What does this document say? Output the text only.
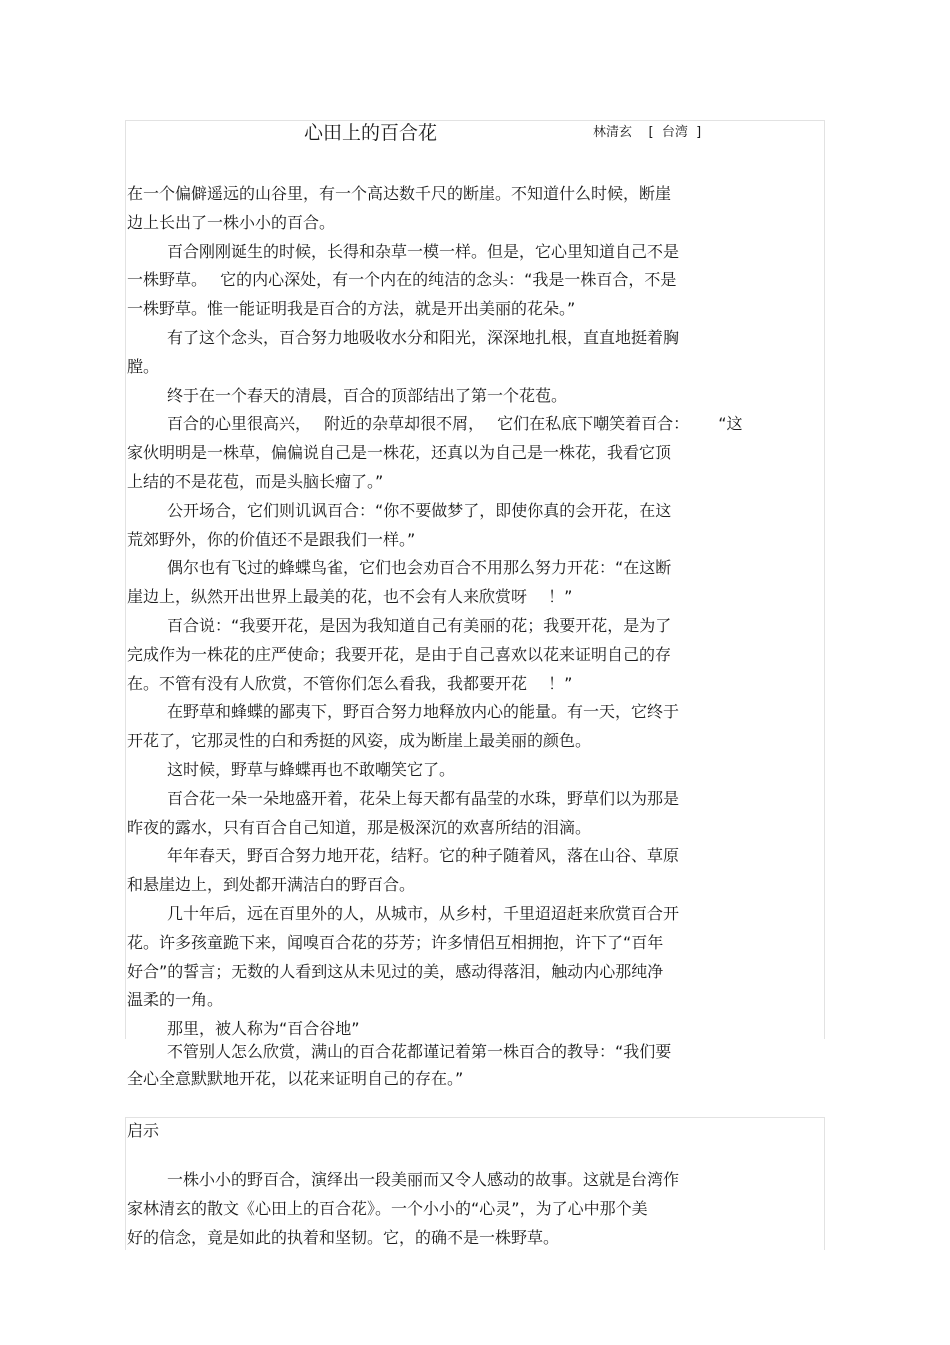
心田上的百合花	林清玄    [  台湾  ]

在一个偏僻遥远的山谷里，有一个高达数千尺的断崖。不知道什么时候，断崖

边上长出了一株小小的百合。

百合刚刚诞生的时候，长得和杂草一模一样。但是，它心里知道自己不是

一株野草。　 它的内心深处，有一个内在的纯洁的念头：“我是一株百合，不是

一株野草。惟一能证明我是百合的方法，就是开出美丽的花朵。”

有了这个念头，百合努力地吸收水分和阳光，深深地扎根，直直地挺着胸

膛。

终于在一个春天的清晨，百合的顶部结出了第一个花苞。

百合的心里很高兴，　 附近的杂草却很不屑，　 它们在私底下嘲笑着百合：　　 “这

家伙明明是一株草，偏偏说自己是一株花，还真以为自己是一株花，我看它顶

上结的不是花苞，而是头脑长瘤了。”

公开场合，它们则讥讽百合：“你不要做梦了，即使你真的会开花，在这

荒郊野外，你的价值还不是跟我们一样。”

偶尔也有飞过的蜂蝶鸟雀，它们也会劝百合不用那么努力开花：“在这断

崖边上，纵然开出世界上最美的花，也不会有人来欣赏呀　 ！”

百合说：“我要开花，是因为我知道自己有美丽的花；我要开花，是为了

完成作为一株花的庄严使命；我要开花，是由于自己喜欢以花来证明自己的存

在。不管有没有人欣赏，不管你们怎么看我，我都要开花　 ！”

在野草和蜂蝶的鄙夷下，野百合努力地释放内心的能量。有一天，它终于

开花了，它那灵性的白和秀挺的风姿，成为断崖上最美丽的颜色。

这时候，野草与蜂蝶再也不敢嘲笑它了。

百合花一朵一朵地盛开着，花朵上每天都有晶莹的水珠，野草们以为那是

昨夜的露水，只有百合自己知道，那是极深沉的欢喜所结的泪滴。

年年春天，野百合努力地开花，结籽。它的种子随着风，落在山谷、草原

和悬崖边上，到处都开满洁白的野百合。

几十年后，远在百里外的人，从城市，从乡村，千里迢迢赶来欣赏百合开

花。许多孩童跪下来，闻嗅百合花的芬芳；许多情侣互相拥抱，许下了“百年

好合”的誓言；无数的人看到这从未见过的美，感动得落泪，触动内心那纯净

温柔的一角。

那里，被人称为“百合谷地”

不管别人怎么欣赏，满山的百合花都谨记着第一株百合的教导：“我们要

全心全意默默地开花，以花来证明自己的存在。”

启示

一株小小的野百合，演绎出一段美丽而又令人感动的故事。这就是台湾作

家林清玄的散文《心田上的百合花》。一个小小的“心灵”，为了心中那个美

好的信念，竟是如此的执着和坚韧。它，的确不是一株野草。
